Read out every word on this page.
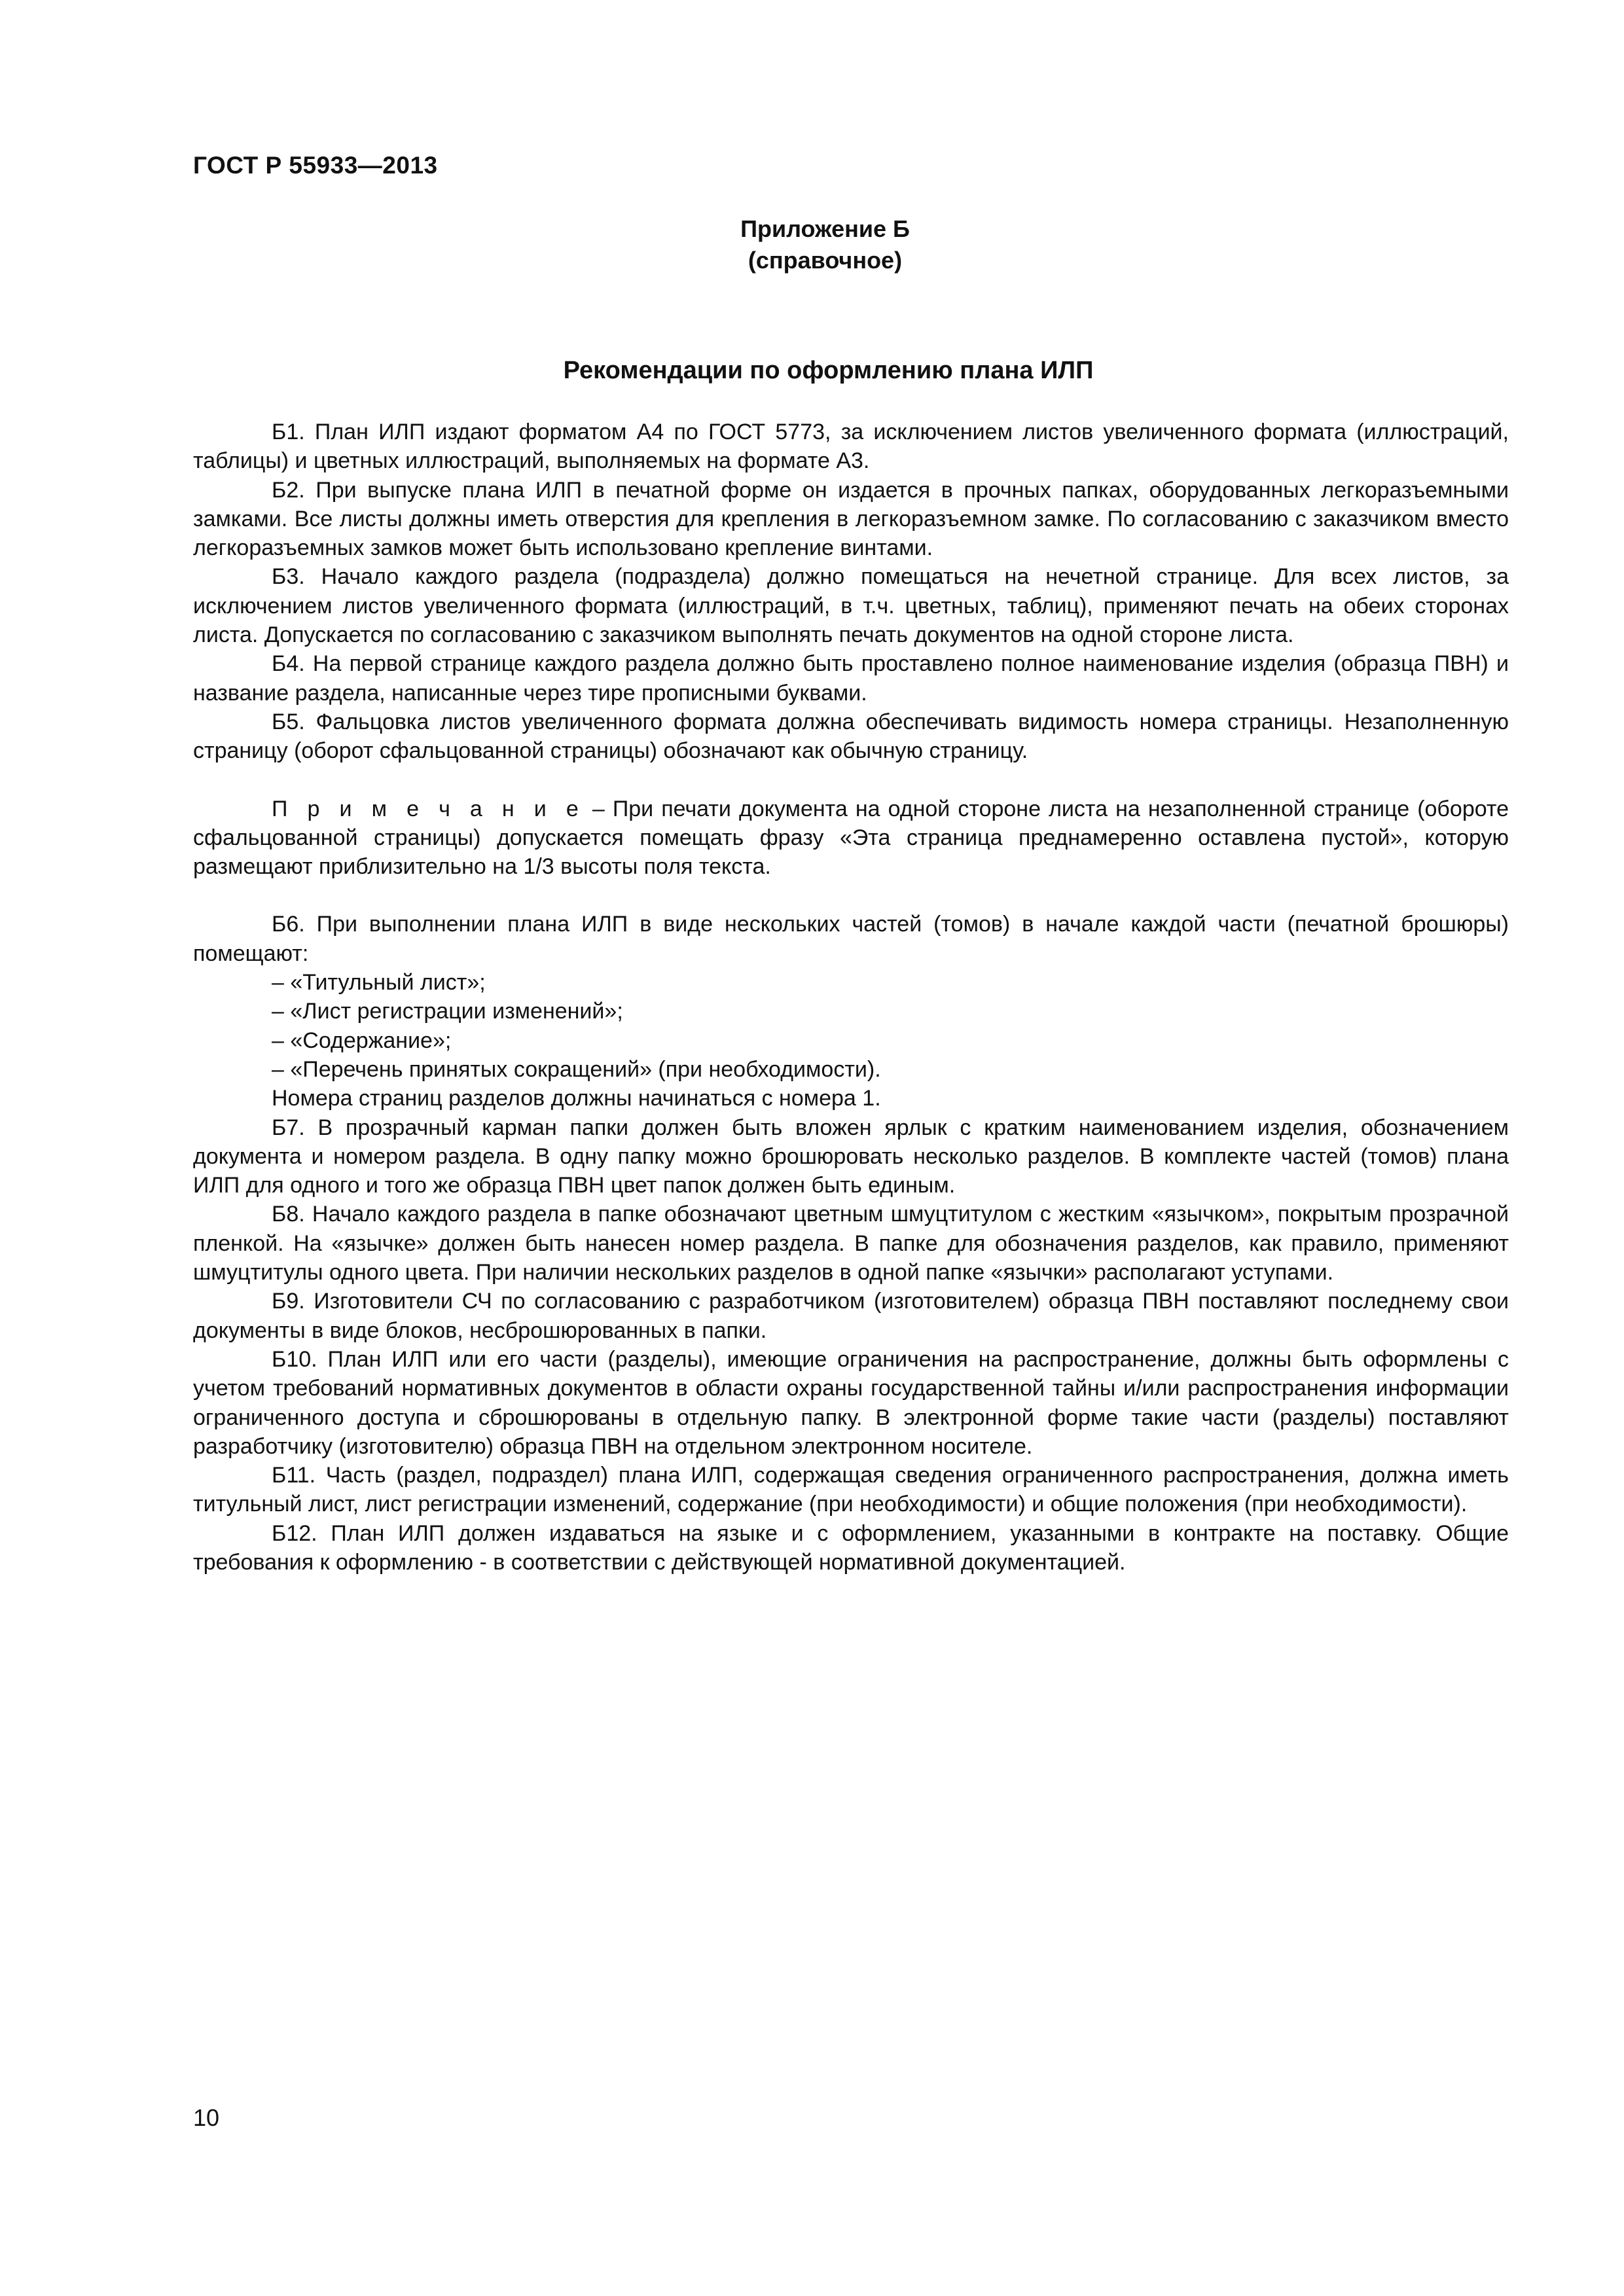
ГОСТ Р 55933—2013
Приложение Б
(справочное)
Рекомендации по оформлению плана ИЛП

Б1. План ИЛП издают форматом А4 по ГОСТ 5773, за исключением листов увеличенного формата (иллюстраций, таблицы) и цветных иллюстраций, выполняемых на формате А3.

Б2. При выпуске плана ИЛП в печатной форме он издается в прочных папках, оборудованных легкоразъемными замками. Все листы должны иметь отверстия для крепления в легкоразъемном замке. По согласованию с заказчиком вместо легкоразъемных замков может быть использовано крепление винтами.

Б3. Начало каждого раздела (подраздела) должно помещаться на нечетной странице. Для всех листов, за исключением листов увеличенного формата (иллюстраций, в т.ч. цветных, таблиц), применяют печать на обеих сторонах листа. Допускается по согласованию с заказчиком выполнять печать документов на одной стороне листа.

Б4. На первой странице каждого раздела должно быть проставлено полное наименование изделия (образца ПВН) и название раздела, написанные через тире прописными буквами.

Б5. Фальцовка листов увеличенного формата должна обеспечивать видимость номера страницы. Незаполненную страницу (оборот сфальцованной страницы) обозначают как обычную страницу.

П р и м е ч а н и е – При печати документа на одной стороне листа на незаполненной странице (обороте сфальцованной страницы) допускается помещать фразу «Эта страница преднамеренно оставлена пустой», которую размещают приблизительно на 1/3 высоты поля текста.

Б6. При выполнении плана ИЛП в виде нескольких частей (томов) в начале каждой части (печатной брошюры) помещают:

– «Титульный лист»;
– «Лист регистрации изменений»;
– «Содержание»;
– «Перечень принятых сокращений» (при необходимости).

Номера страниц разделов должны начинаться с номера 1.

Б7. В прозрачный карман папки должен быть вложен ярлык с кратким наименованием изделия, обозначением документа и номером раздела. В одну папку можно брошюровать несколько разделов. В комплекте частей (томов) плана ИЛП для одного и того же образца ПВН цвет папок должен быть единым.

Б8. Начало каждого раздела в папке обозначают цветным шмуцтитулом с жестким «язычком», покрытым прозрачной пленкой. На «язычке» должен быть нанесен номер раздела. В папке для обозначения разделов, как правило, применяют шмуцтитулы одного цвета. При наличии нескольких разделов в одной папке «язычки» располагают уступами.

Б9. Изготовители СЧ по согласованию с разработчиком (изготовителем) образца ПВН поставляют последнему свои документы в виде блоков, несброшюрованных в папки.

Б10. План ИЛП или его части (разделы), имеющие ограничения на распространение, должны быть оформлены с учетом требований нормативных документов в области охраны государственной тайны и/или распространения информации ограниченного доступа и сброшюрованы в отдельную папку. В электронной форме такие части (разделы) поставляют разработчику (изготовителю) образца ПВН на отдельном электронном носителе.

Б11. Часть (раздел, подраздел) плана ИЛП, содержащая сведения ограниченного распространения, должна иметь титульный лист, лист регистрации изменений, содержание (при необходимости) и общие положения (при необходимости).

Б12. План ИЛП должен издаваться на языке и с оформлением, указанными в контракте на поставку. Общие требования к оформлению - в соответствии с действующей нормативной документацией.

10
